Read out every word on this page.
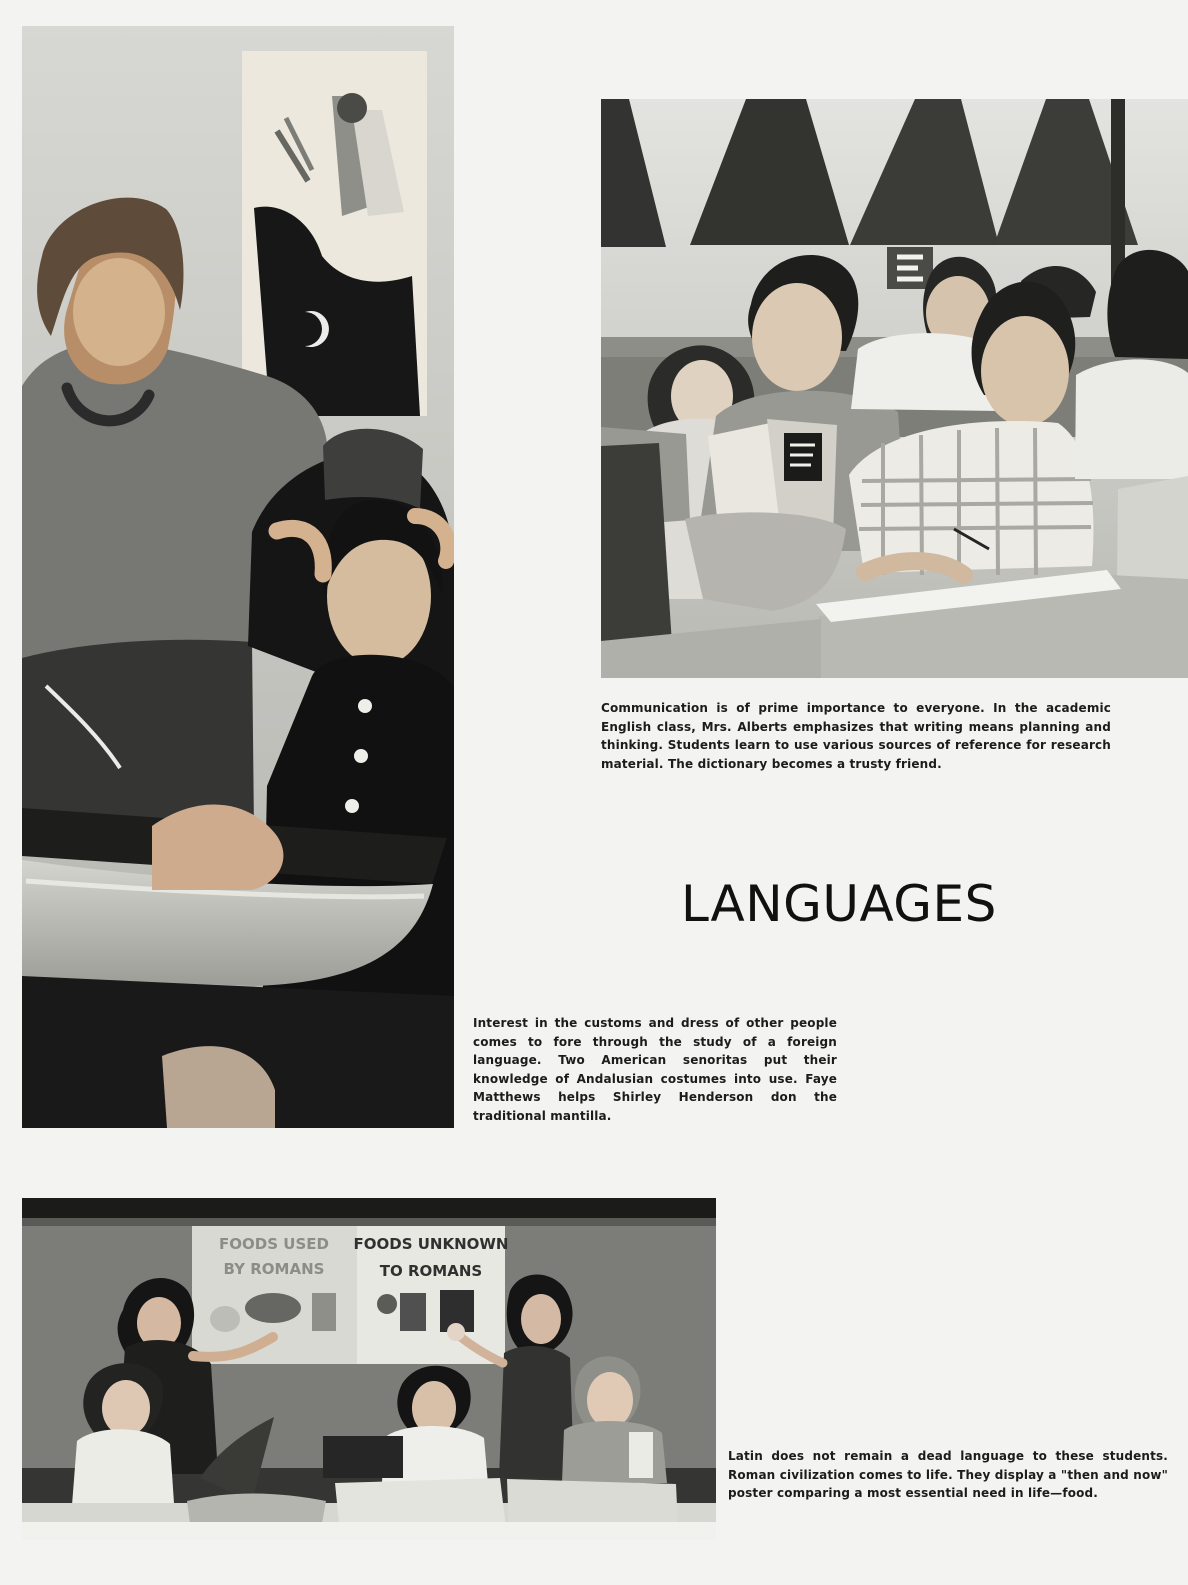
Communication is of prime importance to everyone. In the academic English class, Mrs. Alberts emphasizes that writing means planning and thinking. Students learn to use various sources of reference for research material. The dictionary becomes a trusty friend.
LANGUAGES
Interest in the customs and dress of other people comes to fore through the study of a foreign language. Two American senoritas put their knowledge of Andalusian costumes into use. Faye Matthews helps Shirley Henderson don the traditional mantilla.
FOODS USED
BY ROMANS
FOODS UNKNOWN
TO ROMANS
Latin does not remain a dead language to these students. Roman civilization comes to life. They display a "then and now" poster comparing a most essential need in life—food.
